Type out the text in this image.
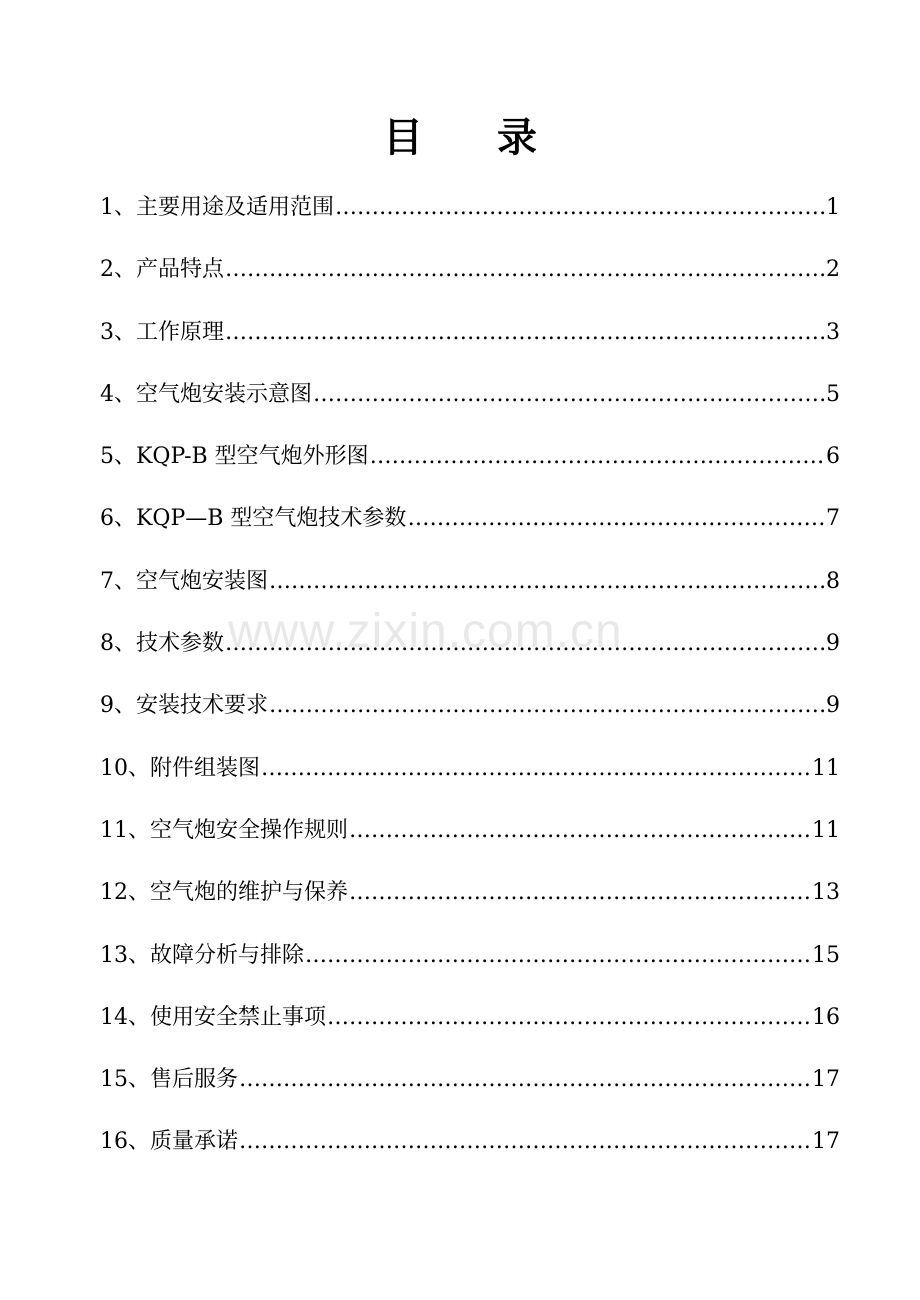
目 录
www.zixin.com.cn
1、主要用途及适用范围 …………………………………………………………………………………………………………………………………………	1
2、产品特点 …………………………………………………………………………………………………………………………………………	2
3、工作原理 …………………………………………………………………………………………………………………………………………	3
4、空气炮安装示意图 …………………………………………………………………………………………………………………………………………	5
5、KQP-B 型空气炮外形图 …………………………………………………………………………………………………………………………………………	6
6、KQP—B 型空气炮技术参数 …………………………………………………………………………………………………………………………………………	7
7、空气炮安装图 …………………………………………………………………………………………………………………………………………	8
8、技术参数 …………………………………………………………………………………………………………………………………………	9
9、安装技术要求 …………………………………………………………………………………………………………………………………………	9
10、附件组装图 …………………………………………………………………………………………………………………………………………	11
11、空气炮安全操作规则 …………………………………………………………………………………………………………………………………………	11
12、空气炮的维护与保养 …………………………………………………………………………………………………………………………………………	13
13、故障分析与排除 …………………………………………………………………………………………………………………………………………	15
14、使用安全禁止事项 …………………………………………………………………………………………………………………………………………	16
15、售后服务 …………………………………………………………………………………………………………………………………………	17
16、质量承诺 …………………………………………………………………………………………………………………………………………	17
